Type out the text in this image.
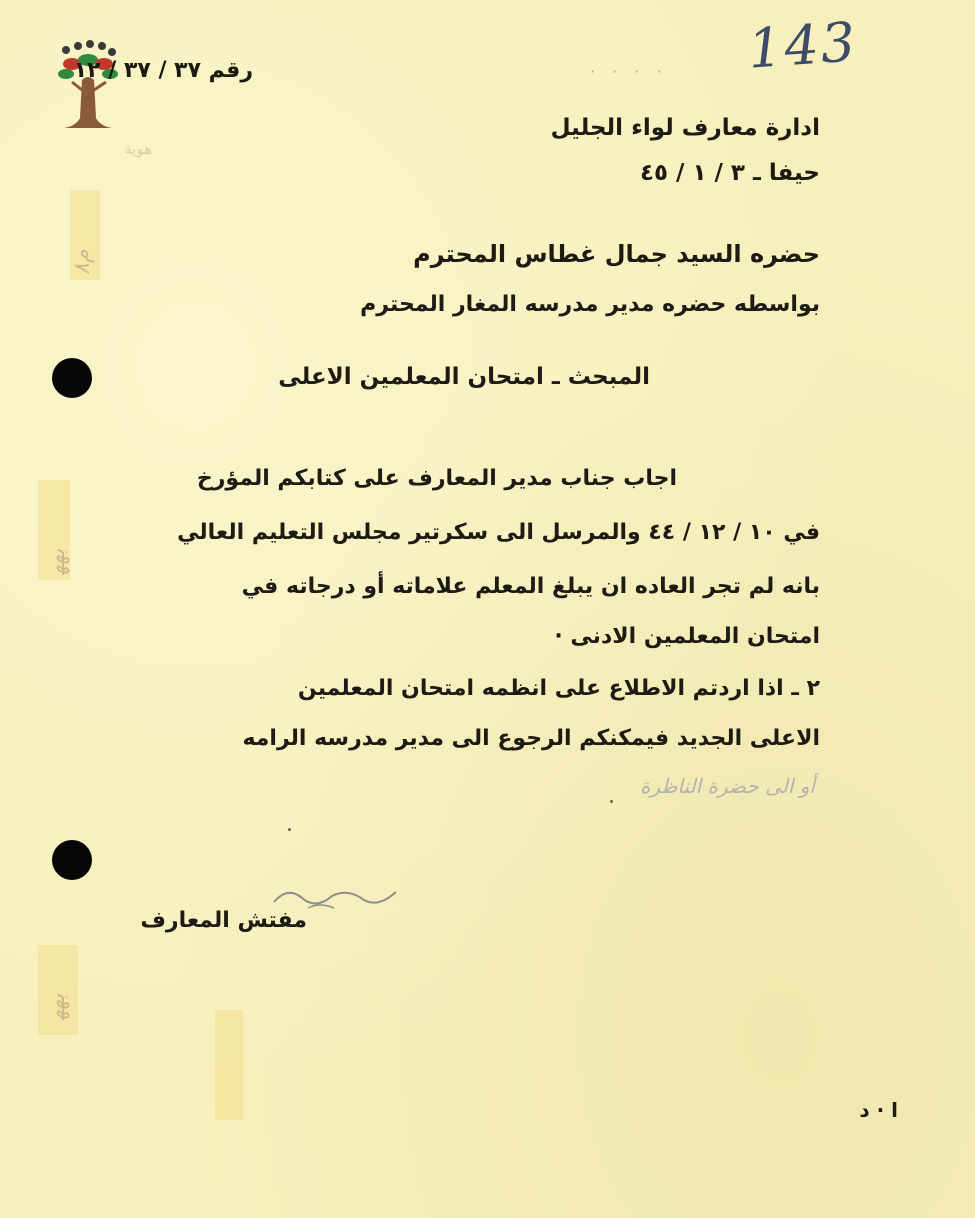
ﻡ٨
ﺑﻬﻬ
ﺑﻬﻬ
· · · · 143
هوية
رقم ٣٧ / ٣٧ / ١٢
ادارة معارف لواء الجليل
حيفا ـ ٣ / ١ / ٤٥
حضره السيد جمال غطاس المحترم
بواسطه حضره مدير مدرسه المغار المحترم
المبحث ـ امتحان المعلمين الاعلى
اجاب جناب مدير المعارف على كتابكم المؤرخ
في ١٠ / ١٢ / ٤٤ والمرسل الى سكرتير مجلس التعليم العالي
بانه لم تجر العاده ان يبلغ المعلم علاماته أو درجاته في
امتحان المعلمين الادنى ·
٢ ـ اذا اردتم الاطلاع على انظمه امتحان المعلمين
الاعلى الجديد فيمكنكم الرجوع الى مدير مدرسه الرامه
أو الى حضرة الناظرة
مفتش المعارف
ا · د
